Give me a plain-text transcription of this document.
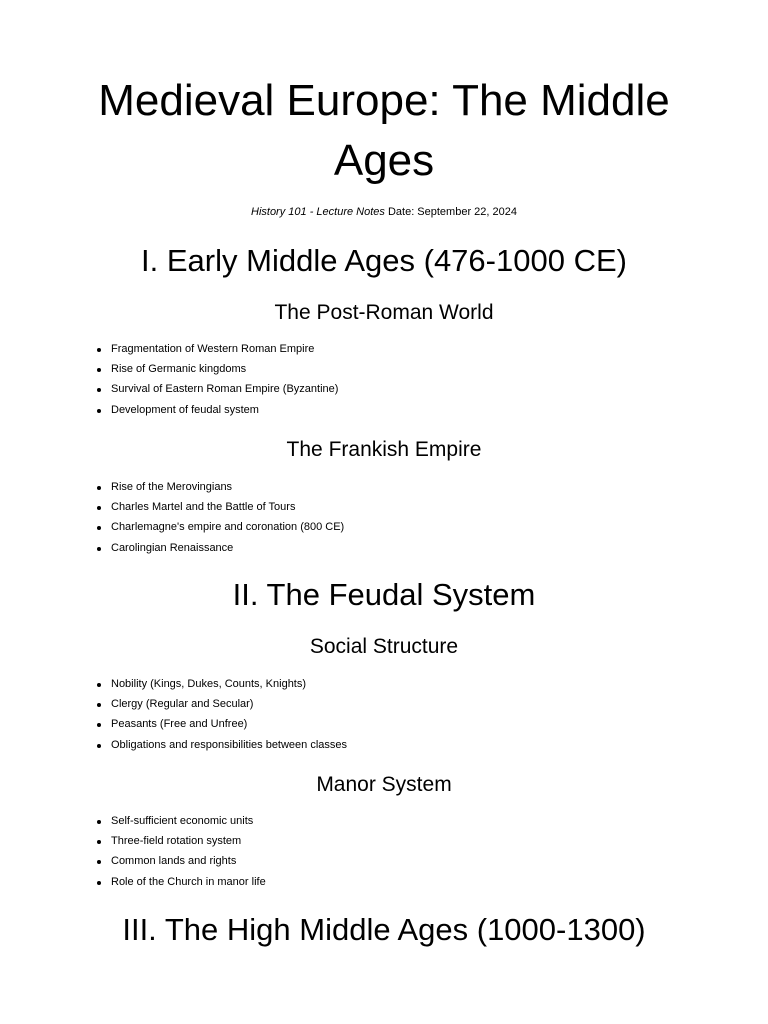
Medieval Europe: The Middle Ages
History 101 - Lecture Notes Date: September 22, 2024
I. Early Middle Ages (476-1000 CE)
The Post-Roman World
Fragmentation of Western Roman Empire
Rise of Germanic kingdoms
Survival of Eastern Roman Empire (Byzantine)
Development of feudal system
The Frankish Empire
Rise of the Merovingians
Charles Martel and the Battle of Tours
Charlemagne's empire and coronation (800 CE)
Carolingian Renaissance
II. The Feudal System
Social Structure
Nobility (Kings, Dukes, Counts, Knights)
Clergy (Regular and Secular)
Peasants (Free and Unfree)
Obligations and responsibilities between classes
Manor System
Self-sufficient economic units
Three-field rotation system
Common lands and rights
Role of the Church in manor life
III. The High Middle Ages (1000-1300)
